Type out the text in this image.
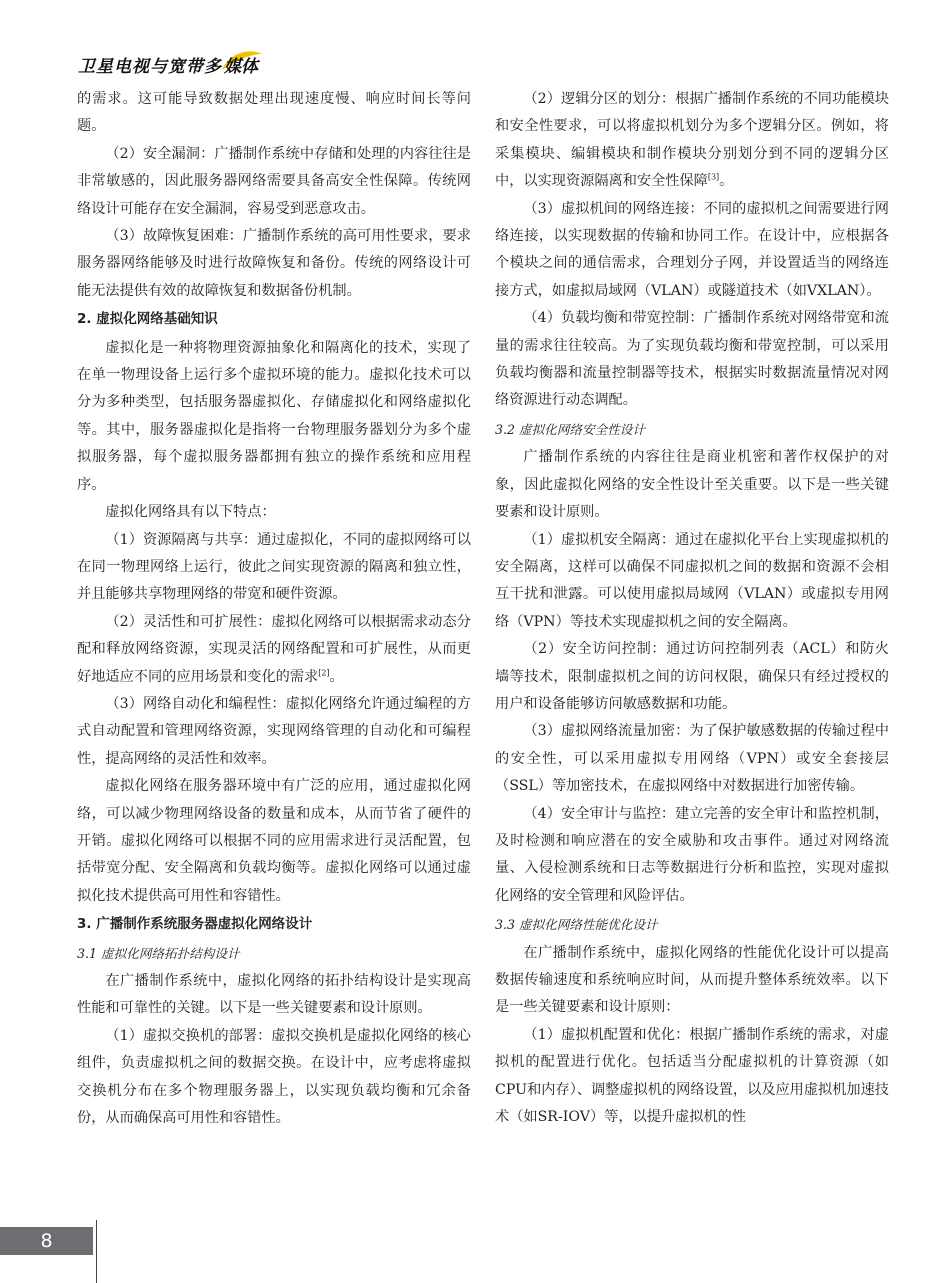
卫星电视与宽带多 媒体

的需求。这可能导致数据处理出现速度慢、响应时间长等问题。

（2）安全漏洞：广播制作系统中存储和处理的内容往往是非常敏感的，因此服务器网络需要具备高安全性保障。传统网络设计可能存在安全漏洞，容易受到恶意攻击。

（3）故障恢复困难：广播制作系统的高可用性要求，要求服务器网络能够及时进行故障恢复和备份。传统的网络设计可能无法提供有效的故障恢复和数据备份机制。

2. 虚拟化网络基础知识

虚拟化是一种将物理资源抽象化和隔离化的技术，实现了在单一物理设备上运行多个虚拟环境的能力。虚拟化技术可以分为多种类型，包括服务器虚拟化、存储虚拟化和网络虚拟化等。其中，服务器虚拟化是指将一台物理服务器划分为多个虚拟服务器，每个虚拟服务器都拥有独立的操作系统和应用程序。

虚拟化网络具有以下特点：

（1）资源隔离与共享：通过虚拟化，不同的虚拟网络可以在同一物理网络上运行，彼此之间实现资源的隔离和独立性，并且能够共享物理网络的带宽和硬件资源。

（2）灵活性和可扩展性：虚拟化网络可以根据需求动态分配和释放网络资源，实现灵活的网络配置和可扩展性，从而更好地适应不同的应用场景和变化的需求[2]。

（3）网络自动化和编程性：虚拟化网络允许通过编程的方式自动配置和管理网络资源，实现网络管理的自动化和可编程性，提高网络的灵活性和效率。

虚拟化网络在服务器环境中有广泛的应用，通过虚拟化网络，可以减少物理网络设备的数量和成本，从而节省了硬件的开销。虚拟化网络可以根据不同的应用需求进行灵活配置，包括带宽分配、安全隔离和负载均衡等。虚拟化网络可以通过虚拟化技术提供高可用性和容错性。

3. 广播制作系统服务器虚拟化网络设计

3.1 虚拟化网络拓扑结构设计

在广播制作系统中，虚拟化网络的拓扑结构设计是实现高性能和可靠性的关键。以下是一些关键要素和设计原则。

（1）虚拟交换机的部署：虚拟交换机是虚拟化网络的核心组件，负责虚拟机之间的数据交换。在设计中，应考虑将虚拟交换机分布在多个物理服务器上，以实现负载均衡和冗余备份，从而确保高可用性和容错性。

（2）逻辑分区的划分：根据广播制作系统的不同功能模块和安全性要求，可以将虚拟机划分为多个逻辑分区。例如，将采集模块、编辑模块和制作模块分别划分到不同的逻辑分区中，以实现资源隔离和安全性保障[3]。

（3）虚拟机间的网络连接：不同的虚拟机之间需要进行网络连接，以实现数据的传输和协同工作。在设计中，应根据各个模块之间的通信需求，合理划分子网，并设置适当的网络连接方式，如虚拟局域网（VLAN）或隧道技术（如VXLAN）。

（4）负载均衡和带宽控制：广播制作系统对网络带宽和流量的需求往往较高。为了实现负载均衡和带宽控制，可以采用负载均衡器和流量控制器等技术，根据实时数据流量情况对网络资源进行动态调配。

3.2 虚拟化网络安全性设计

广播制作系统的内容往往是商业机密和著作权保护的对象，因此虚拟化网络的安全性设计至关重要。以下是一些关键要素和设计原则。

（1）虚拟机安全隔离：通过在虚拟化平台上实现虚拟机的安全隔离，这样可以确保不同虚拟机之间的数据和资源不会相互干扰和泄露。可以使用虚拟局域网（VLAN）或虚拟专用网络（VPN）等技术实现虚拟机之间的安全隔离。

（2）安全访问控制：通过访问控制列表（ACL）和防火墙等技术，限制虚拟机之间的访问权限，确保只有经过授权的用户和设备能够访问敏感数据和功能。

（3）虚拟网络流量加密：为了保护敏感数据的传输过程中的安全性，可以采用虚拟专用网络（VPN）或安全套接层（SSL）等加密技术，在虚拟网络中对数据进行加密传输。

（4）安全审计与监控：建立完善的安全审计和监控机制，及时检测和响应潜在的安全威胁和攻击事件。通过对网络流量、入侵检测系统和日志等数据进行分析和监控，实现对虚拟化网络的安全管理和风险评估。

3.3 虚拟化网络性能优化设计

在广播制作系统中，虚拟化网络的性能优化设计可以提高数据传输速度和系统响应时间，从而提升整体系统效率。以下是一些关键要素和设计原则：

（1）虚拟机配置和优化：根据广播制作系统的需求，对虚拟机的配置进行优化。包括适当分配虚拟机的计算资源（如CPU和内存）、调整虚拟机的网络设置，以及应用虚拟机加速技术（如SR-IOV）等，以提升虚拟机的性

8
